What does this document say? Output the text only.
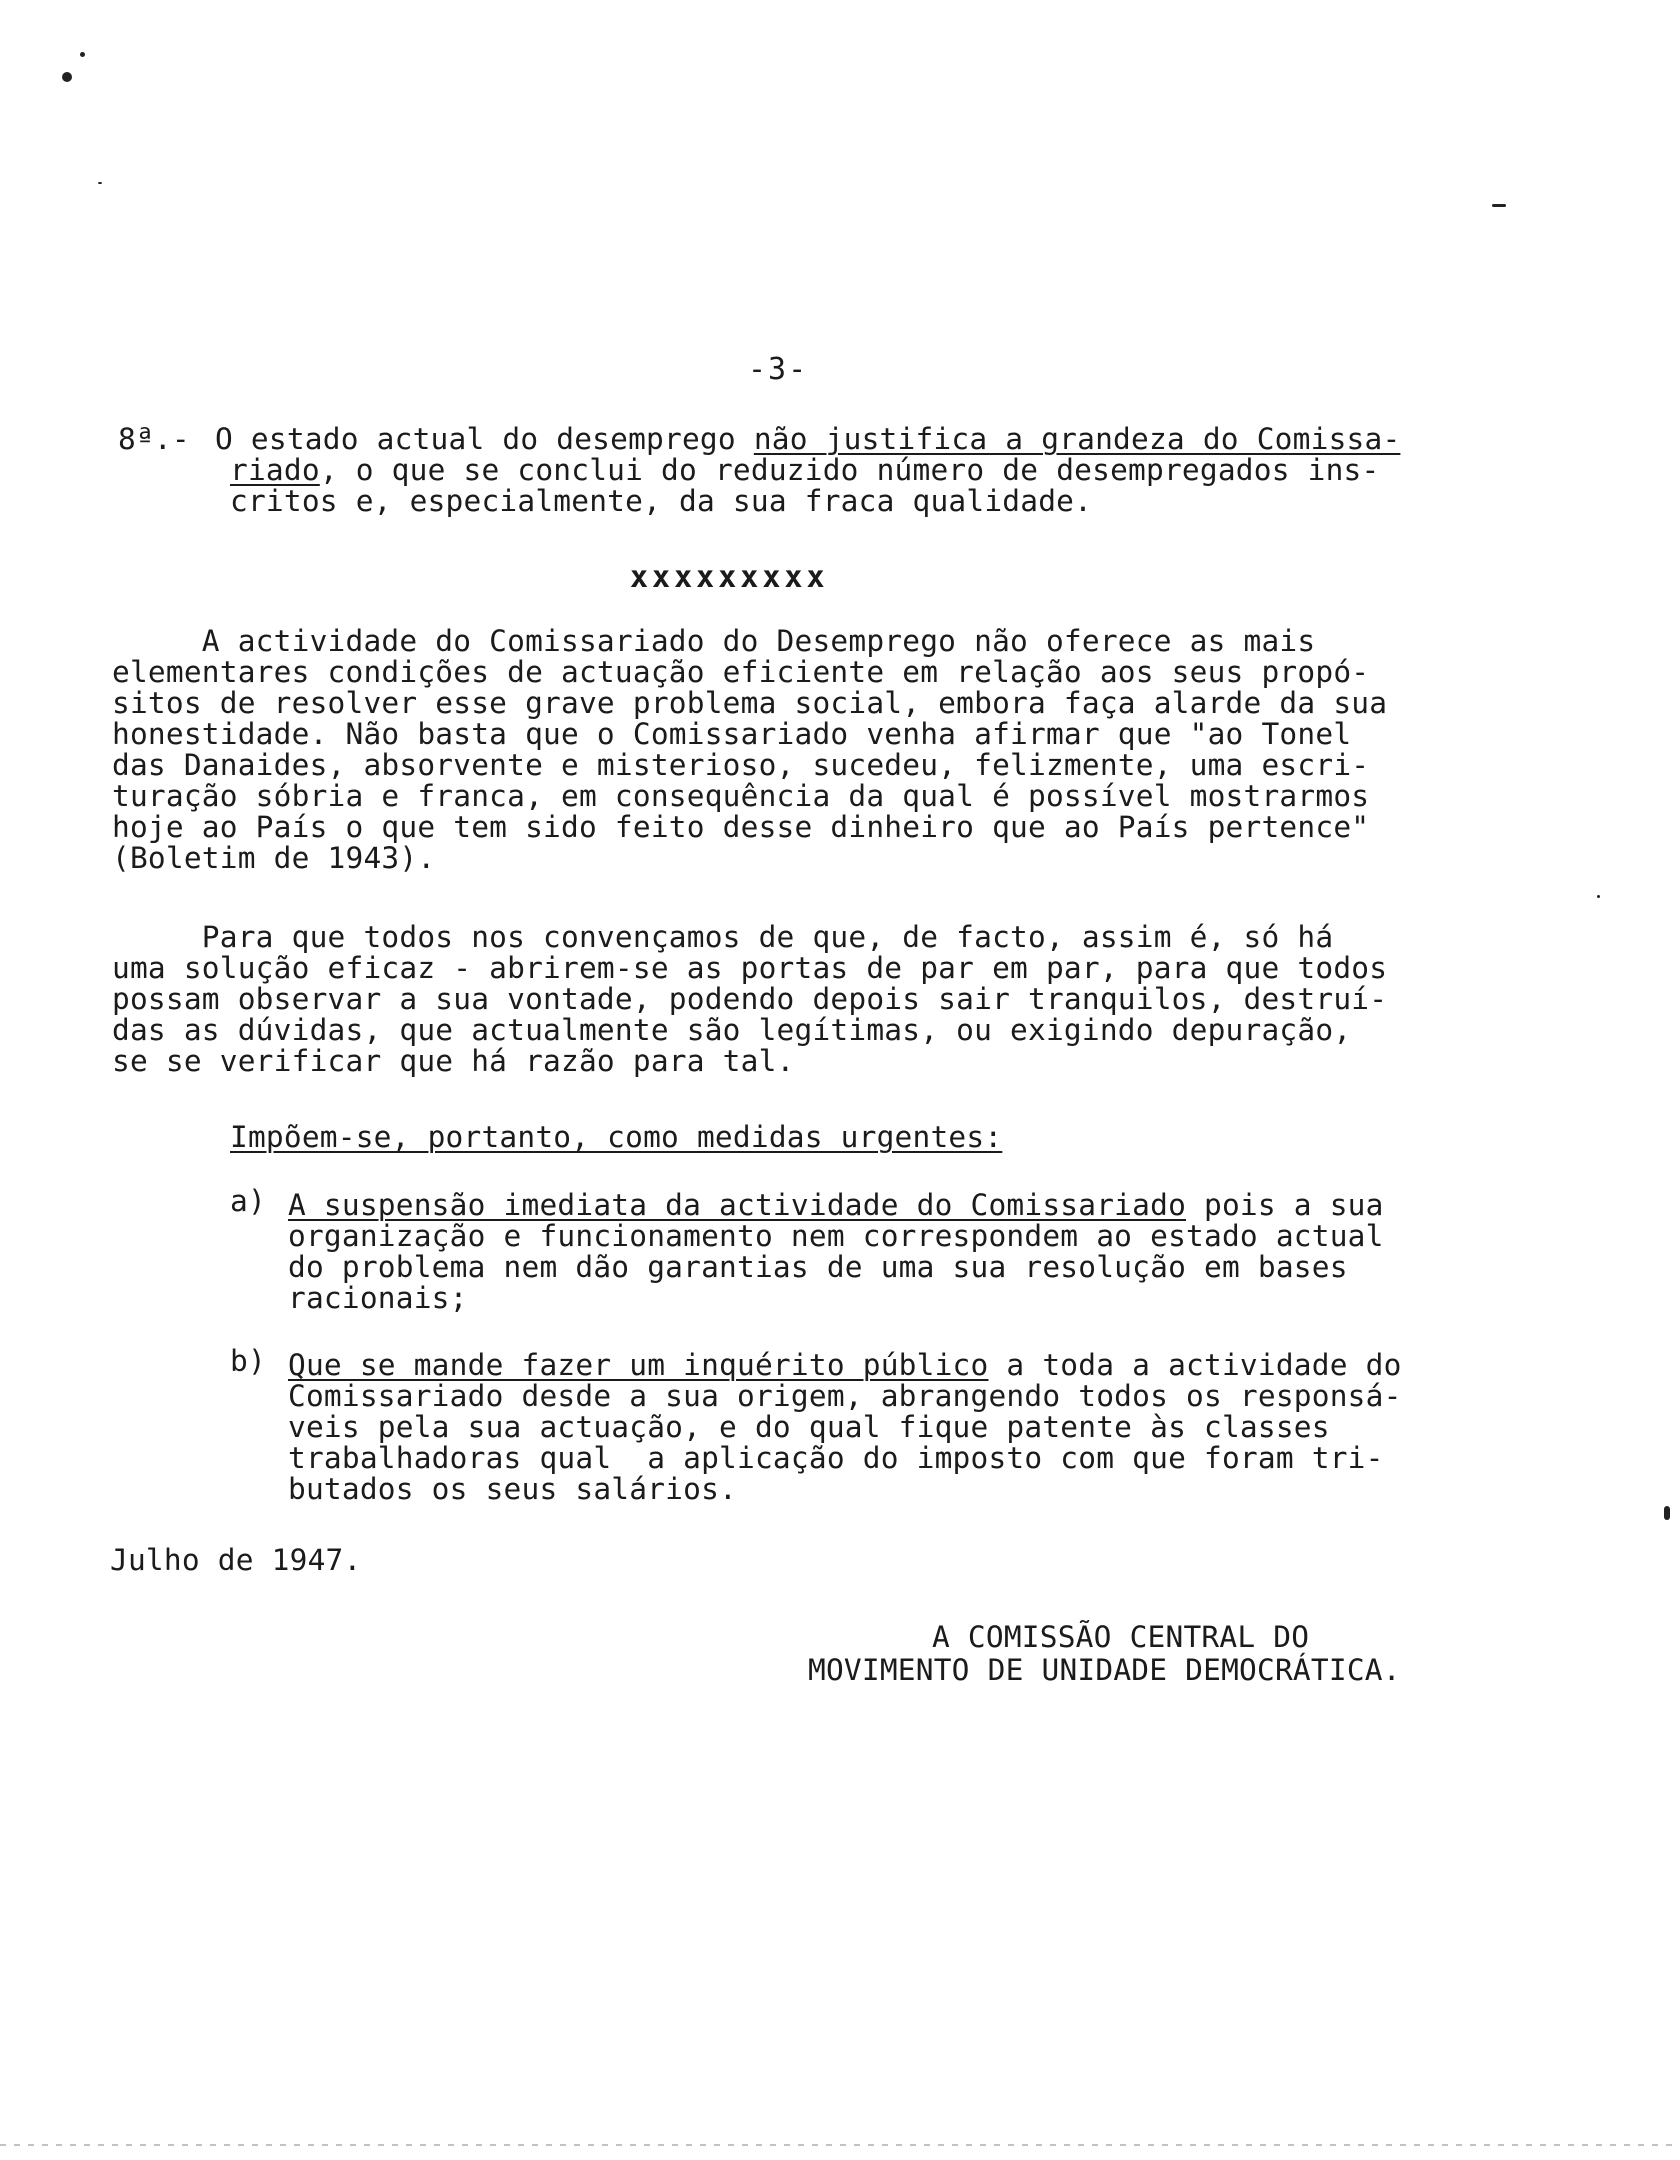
-3-
8ª.- O estado actual do desemprego não justifica a grandeza do Comissa-
riado, o que se conclui do reduzido número de desempregados ins-
critos e, especialmente, da sua fraca qualidade.
xxxxxxxxx
A actividade do Comissariado do Desemprego não oferece as mais
elementares condições de actuação eficiente em relação aos seus propó-
sitos de resolver esse grave problema social, embora faça alarde da sua
honestidade. Não basta que o Comissariado venha afirmar que "ao Tonel
das Danaides, absorvente e misterioso, sucedeu, felizmente, uma escri-
turação sóbria e franca, em consequência da qual é possível mostrarmos
hoje ao País o que tem sido feito desse dinheiro que ao País pertence"
(Boletim de 1943).
Para que todos nos convençamos de que, de facto, assim é, só há
uma solução eficaz - abrirem-se as portas de par em par, para que todos
possam observar a sua vontade, podendo depois sair tranquilos, destruí-
das as dúvidas, que actualmente são legítimas, ou exigindo depuração,
se se verificar que há razão para tal.
Impõem-se, portanto, como medidas urgentes:
a) A suspensão imediata da actividade do Comissariado pois a sua
organização e funcionamento nem correspondem ao estado actual
do problema nem dão garantias de uma sua resolução em bases
racionais;
b) Que se mande fazer um inquérito público a toda a actividade do
Comissariado desde a sua origem, abrangendo todos os responsá-
veis pela sua actuação, e do qual fique patente às classes
trabalhadoras qual  a aplicação do imposto com que foram tri-
butados os seus salários.
Julho de 1947.
A COMISSÃO CENTRAL DO
MOVIMENTO DE UNIDADE DEMOCRÁTICA.
